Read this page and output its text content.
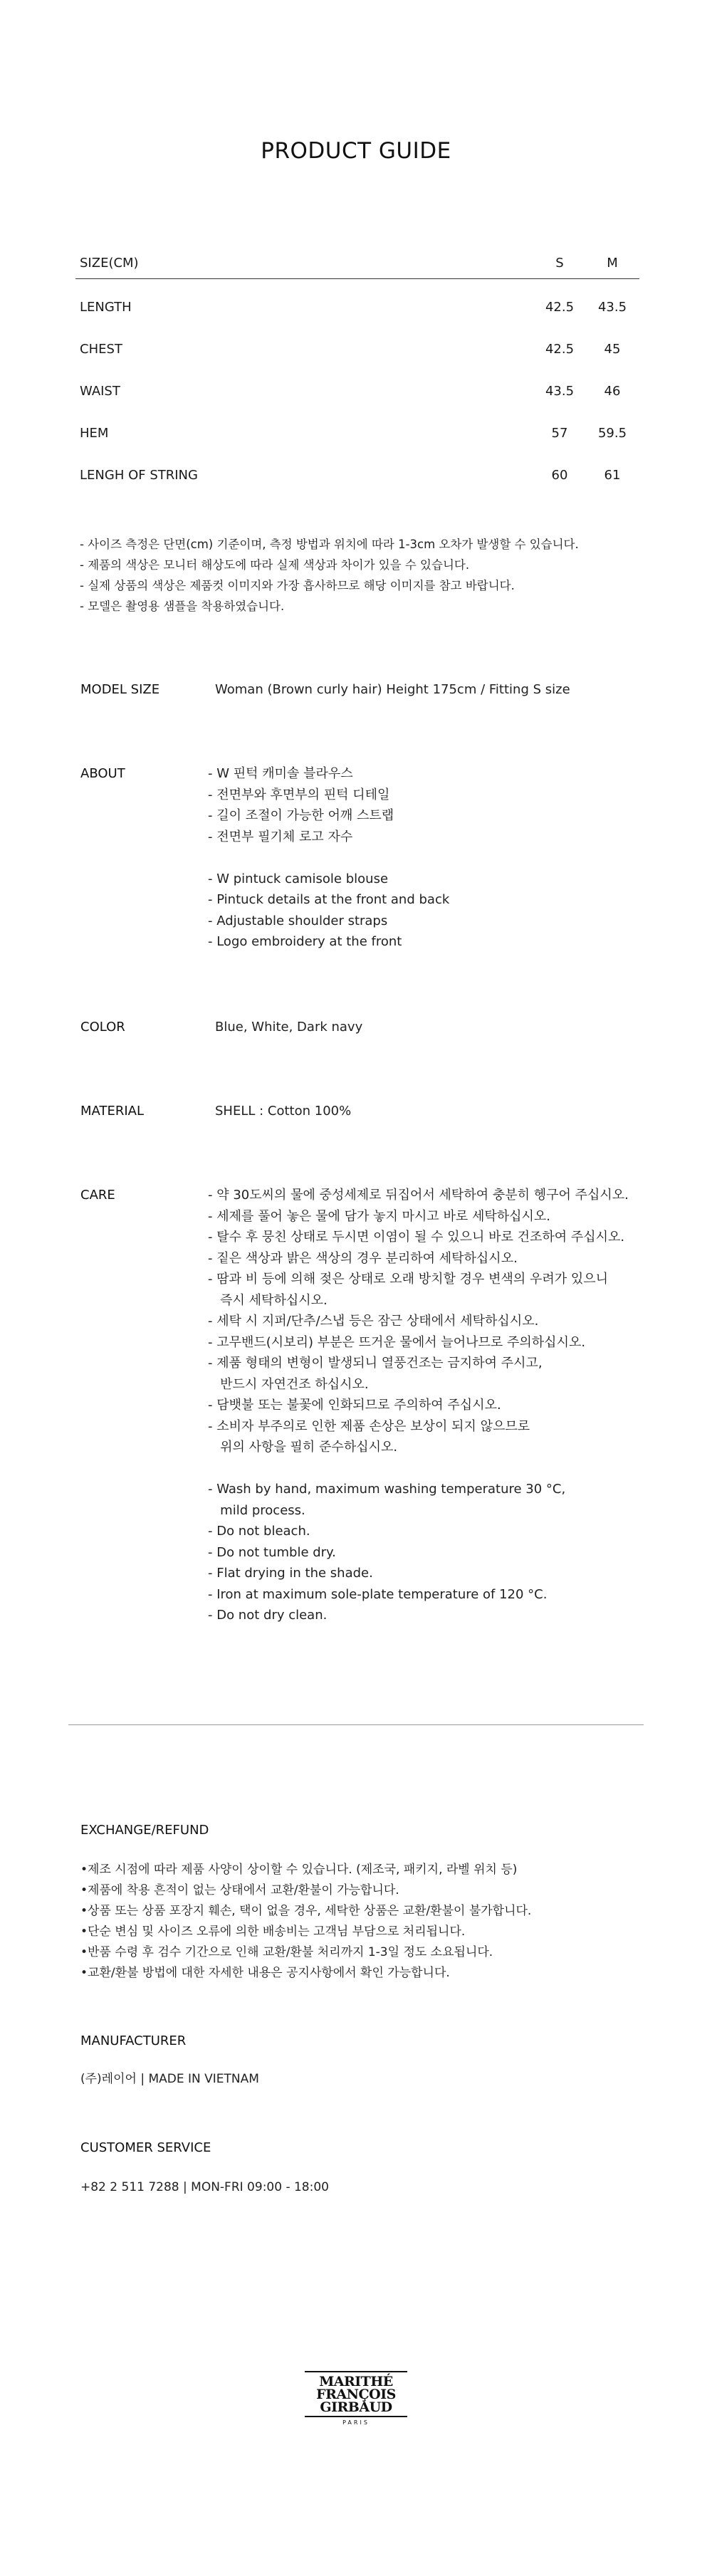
PRODUCT GUIDE
SIZE(CM)	S	M
LENGTH	42.5	43.5
CHEST	42.5	45
WAIST	43.5	46
HEM	57	59.5
LENGH OF STRING	60	61
- 사이즈 측정은 단면(cm) 기준이며, 측정 방법과 위치에 따라 1-3cm 오차가 발생할 수 있습니다.
- 제품의 색상은 모니터 해상도에 따라 실제 색상과 차이가 있을 수 있습니다.
- 실제 상품의 색상은 제품컷 이미지와 가장 흡사하므로 해당 이미지를 참고 바랍니다.
- 모델은 촬영용 샘플을 착용하였습니다.
MODEL SIZE	Woman (Brown curly hair) Height 175cm / Fitting S size
ABOUT	- W 핀턱 캐미솔 블라우스
- 전면부와 후면부의 핀턱 디테일
- 길이 조절이 가능한 어깨 스트랩
- 전면부 필기체 로고 자수
- W pintuck camisole blouse
- Pintuck details at the front and back
- Adjustable shoulder straps
- Logo embroidery at the front
COLOR	Blue, White, Dark navy
MATERIAL	SHELL : Cotton 100%
CARE	- 약 30도씨의 물에 중성세제로 뒤집어서 세탁하여 충분히 헹구어 주십시오.
- 세제를 풀어 놓은 물에 담가 놓지 마시고 바로 세탁하십시오.
- 탈수 후 뭉친 상태로 두시면 이염이 될 수 있으니 바로 건조하여 주십시오.
- 짙은 색상과 밝은 색상의 경우 분리하여 세탁하십시오.
- 땀과 비 등에 의해 젖은 상태로 오래 방치할 경우 변색의 우려가 있으니
즉시 세탁하십시오.
- 세탁 시 지퍼/단추/스냅 등은 잠근 상태에서 세탁하십시오.
- 고무밴드(시보리) 부분은 뜨거운 물에서 늘어나므로 주의하십시오.
- 제품 형태의 변형이 발생되니 열풍건조는 금지하여 주시고,
반드시 자연건조 하십시오.
- 담뱃불 또는 불꽃에 인화되므로 주의하여 주십시오.
- 소비자 부주의로 인한 제품 손상은 보상이 되지 않으므로
위의 사항을 필히 준수하십시오.
- Wash by hand, maximum washing temperature 30 °C,
mild process.
- Do not bleach.
- Do not tumble dry.
- Flat drying in the shade.
- Iron at maximum sole-plate temperature of 120 °C.
- Do not dry clean.
EXCHANGE/REFUND
•제조 시점에 따라 제품 사양이 상이할 수 있습니다. (제조국, 패키지, 라벨 위치 등)
•제품에 착용 흔적이 없는 상태에서 교환/환불이 가능합니다.
•상품 또는 상품 포장지 훼손, 택이 없을 경우, 세탁한 상품은 교환/환불이 불가합니다.
•단순 변심 및 사이즈 오류에 의한 배송비는 고객님 부담으로 처리됩니다.
•반품 수령 후 검수 기간으로 인해 교환/환불 처리까지 1-3일 정도 소요됩니다.
•교환/환불 방법에 대한 자세한 내용은 공지사항에서 확인 가능합니다.
MANUFACTURER
(주)레이어 | MADE IN VIETNAM
CUSTOMER SERVICE
+82 2 511 7288 | MON-FRI 09:00 - 18:00
MARITHÉ
FRANÇOIS
GIRBAUD
PARIS
